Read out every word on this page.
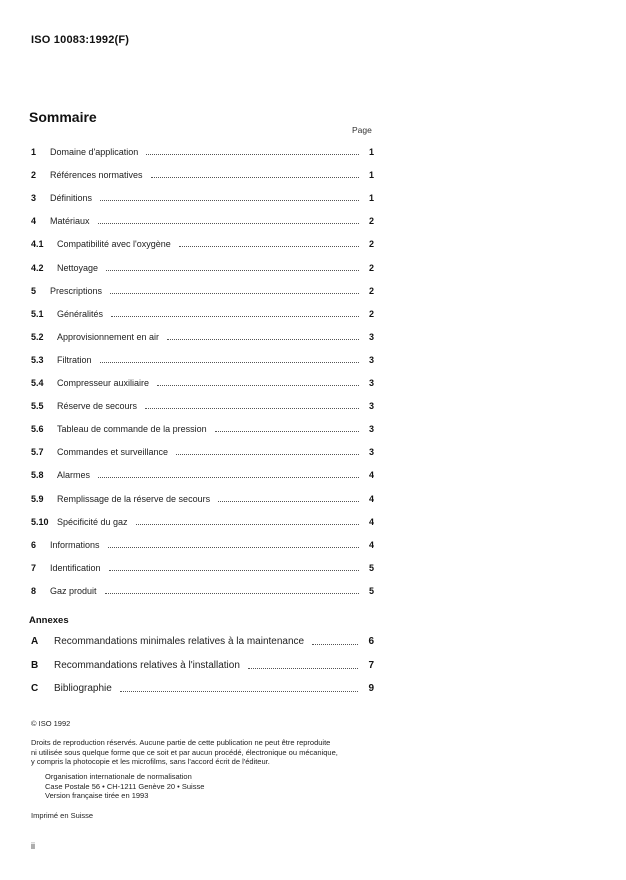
ISO 10083:1992(F)
Sommaire
Page
1 Domaine d'application	1
2 Références normatives	1
3 Définitions	1
4 Matériaux	2
4.1 Compatibilité avec l'oxygène	2
4.2 Nettoyage	2
5 Prescriptions	2
5.1 Généralités	2
5.2 Approvisionnement en air	3
5.3 Filtration	3
5.4 Compresseur auxiliaire	3
5.5 Réserve de secours	3
5.6 Tableau de commande de la pression	3
5.7 Commandes et surveillance	3
5.8 Alarmes	4
5.9 Remplissage de la réserve de secours	4
5.10 Spécificité du gaz	4
6 Informations	4
7 Identification	5
8 Gaz produit	5
Annexes
A Recommandations minimales relatives à la maintenance	6
B Recommandations relatives à l'installation	7
C Bibliographie	9
© ISO 1992
Droits de reproduction réservés. Aucune partie de cette publication ne peut être reproduite
ni utilisée sous quelque forme que ce soit et par aucun procédé, électronique ou mécanique,
y compris la photocopie et les microfilms, sans l'accord écrit de l'éditeur.
Organisation internationale de normalisation
Case Postale 56 • CH-1211 Genève 20 • Suisse
Version française tirée en 1993
Imprimé en Suisse
ii
